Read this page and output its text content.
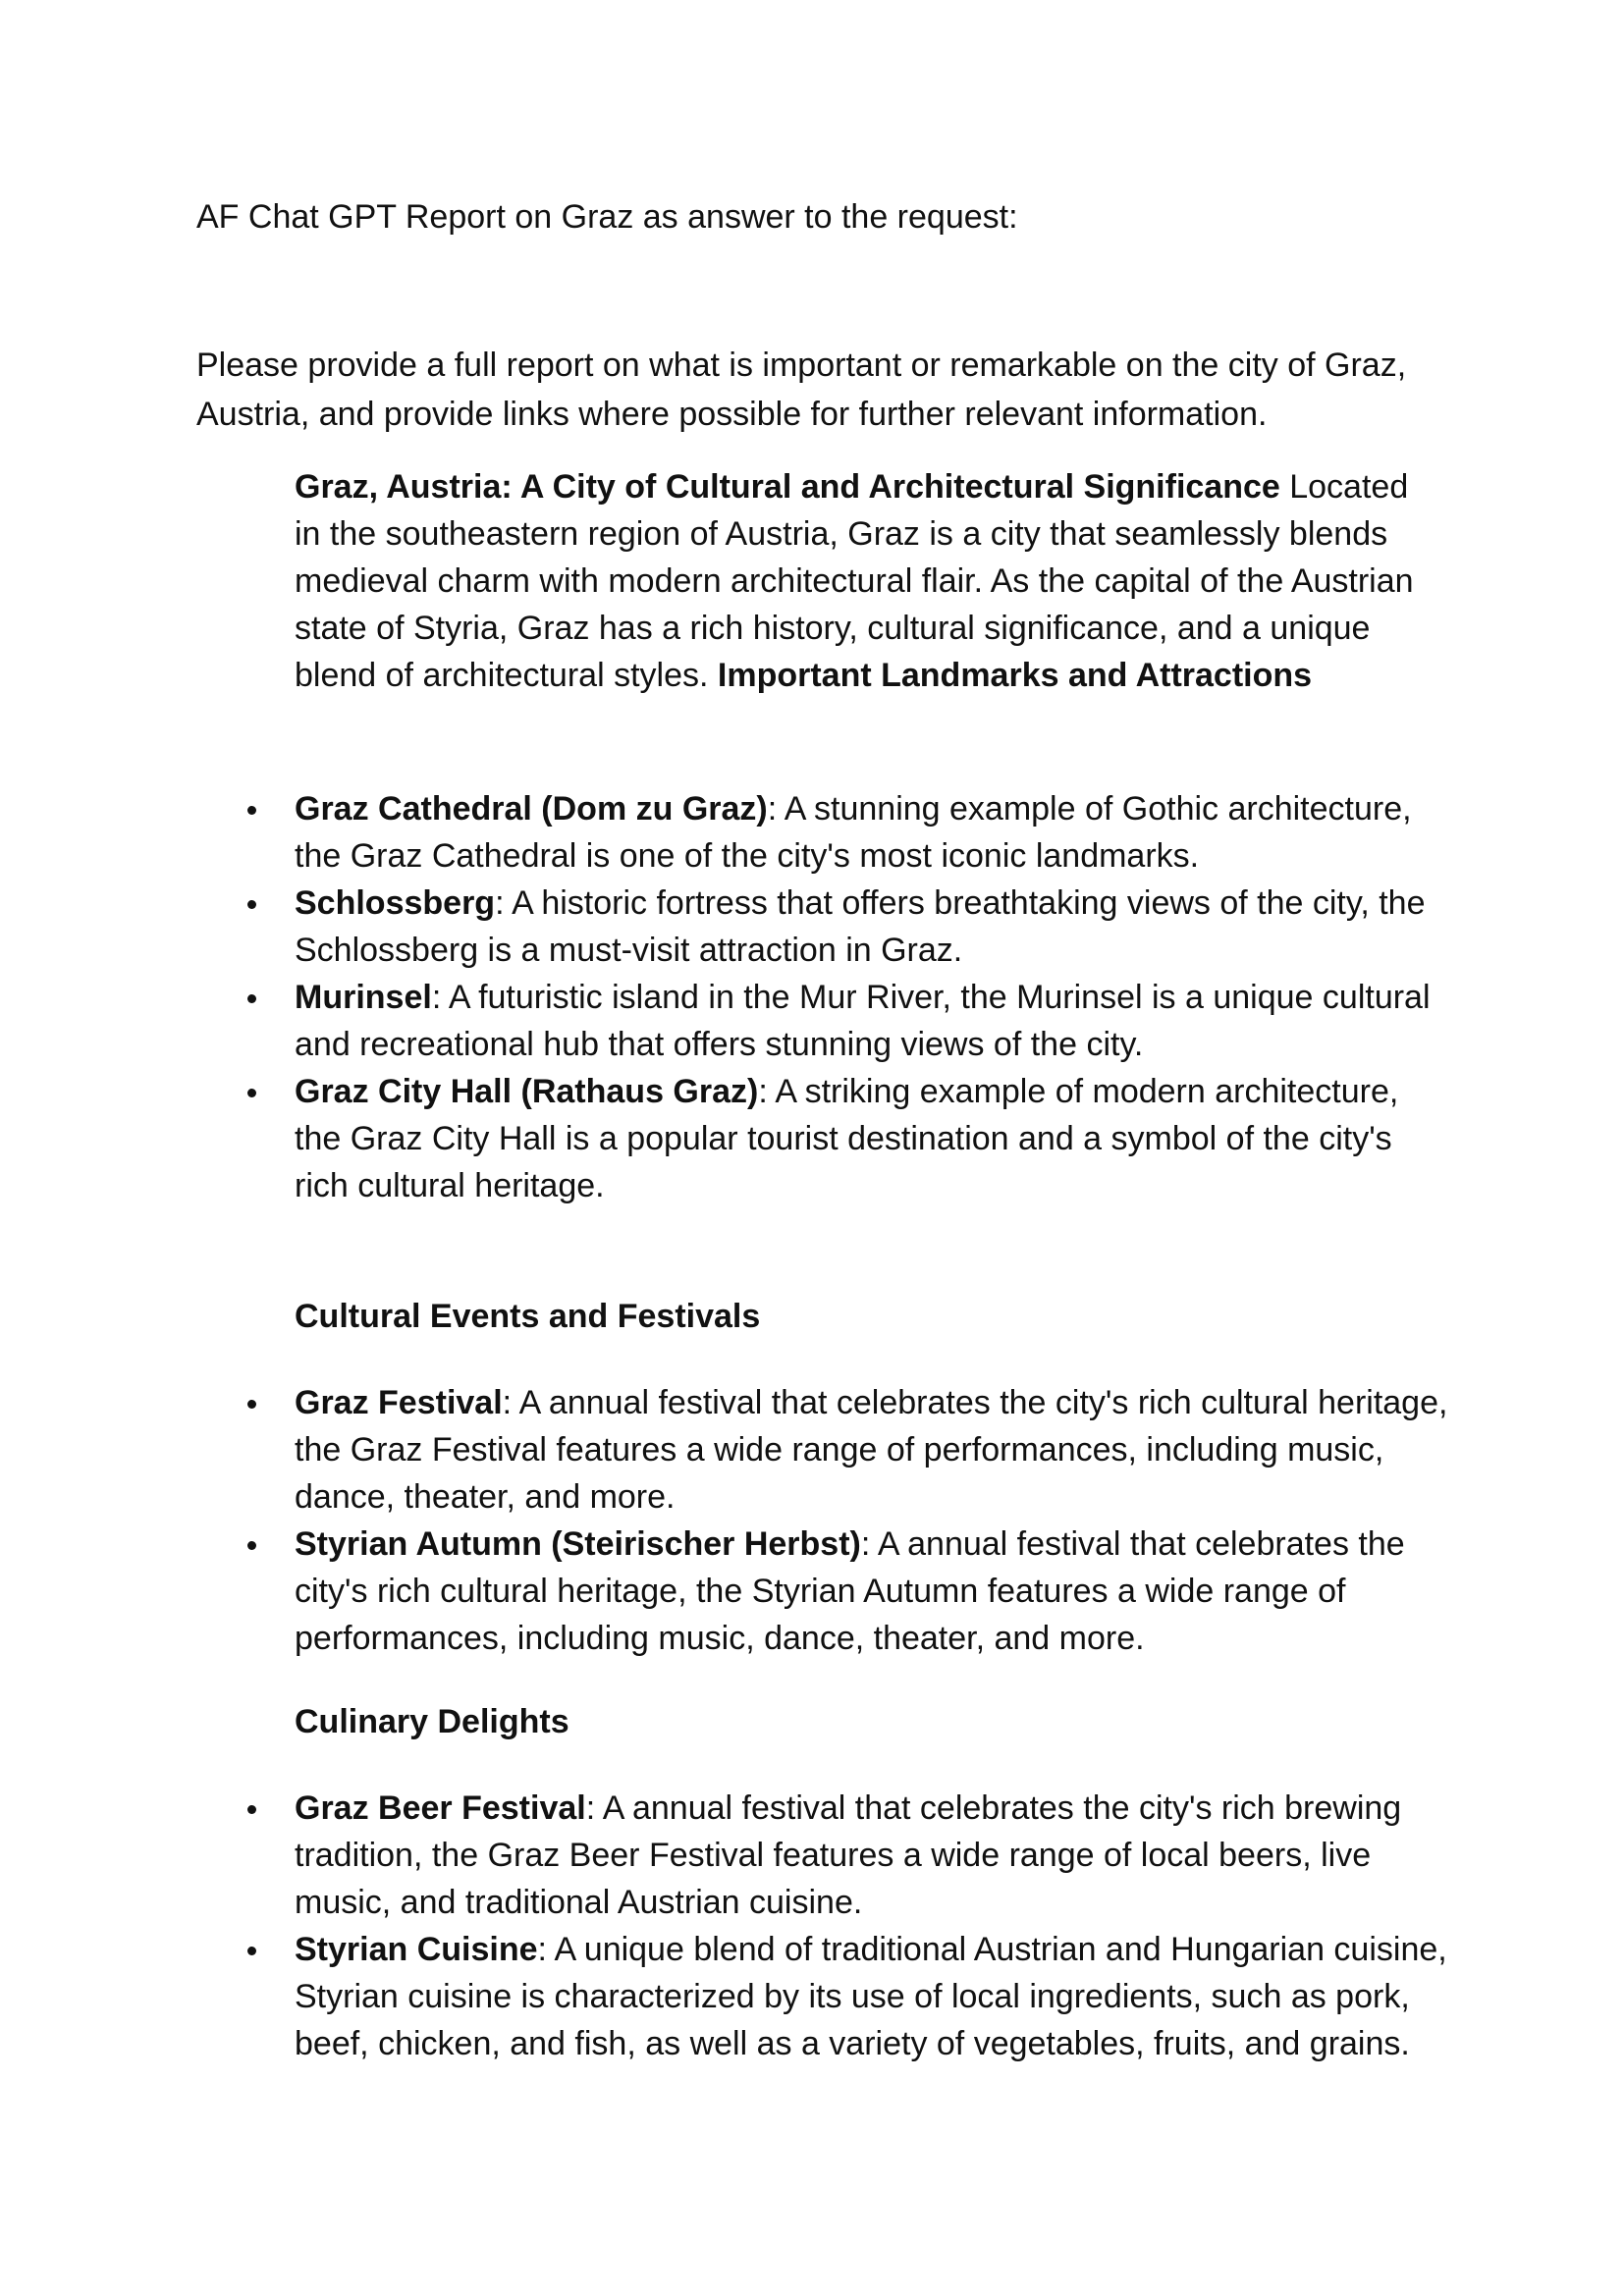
AF Chat GPT Report on Graz as answer to the request:

Please provide a full report on what is important or remarkable on the city of Graz, Austria, and provide links where possible for further relevant information.

Graz, Austria: A City of Cultural and Architectural Significance Located in the southeastern region of Austria, Graz is a city that seamlessly blends medieval charm with modern architectural flair. As the capital of the Austrian state of Styria, Graz has a rich history, cultural significance, and a unique blend of architectural styles. Important Landmarks and Attractions

Graz Cathedral (Dom zu Graz): A stunning example of Gothic architecture, the Graz Cathedral is one of the city's most iconic landmarks.
Schlossberg: A historic fortress that offers breathtaking views of the city, the Schlossberg is a must-visit attraction in Graz.
Murinsel: A futuristic island in the Mur River, the Murinsel is a unique cultural and recreational hub that offers stunning views of the city.
Graz City Hall (Rathaus Graz): A striking example of modern architecture, the Graz City Hall is a popular tourist destination and a symbol of the city's rich cultural heritage.

Cultural Events and Festivals

Graz Festival: A annual festival that celebrates the city's rich cultural heritage, the Graz Festival features a wide range of performances, including music, dance, theater, and more.
Styrian Autumn (Steirischer Herbst): A annual festival that celebrates the city's rich cultural heritage, the Styrian Autumn features a wide range of performances, including music, dance, theater, and more.

Culinary Delights

Graz Beer Festival: A annual festival that celebrates the city's rich brewing tradition, the Graz Beer Festival features a wide range of local beers, live music, and traditional Austrian cuisine.
Styrian Cuisine: A unique blend of traditional Austrian and Hungarian cuisine, Styrian cuisine is characterized by its use of local ingredients, such as pork, beef, chicken, and fish, as well as a variety of vegetables, fruits, and grains.
